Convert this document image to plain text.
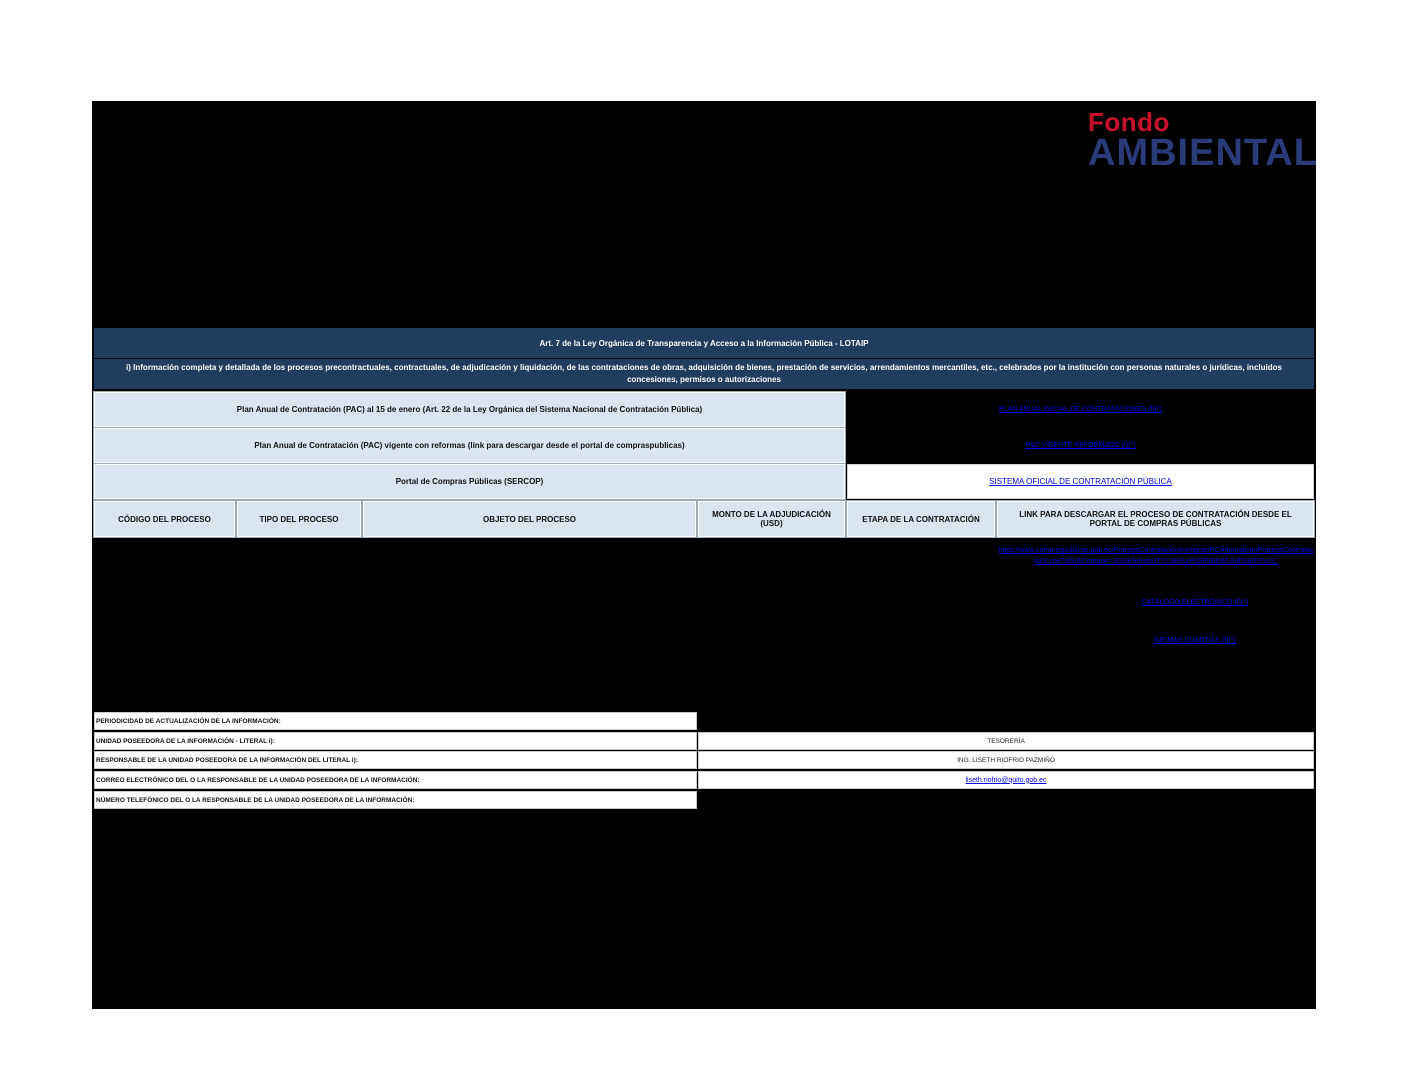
Fondo
AMBIENTAL
Art. 7 de la Ley Orgánica de Transparencia y Acceso a la Información Pública - LOTAIP
i) Información completa y detallada de los procesos precontractuales, contractuales, de adjudicación y liquidación, de las contrataciones de obras, adquisición de bienes, prestación de servicios, arrendamientos mercantiles, etc., celebrados por la institución con personas naturales o jurídicas, incluidos concesiones, permisos o autorizaciones
Plan Anual de Contratación (PAC) al 15 de enero (Art. 22 de la Ley Orgánica del Sistema Nacional de Contratación Pública)	PLAN ANUAL INICIAL DE CONTRATACIONES (f)(*)
Plan Anual de Contratación (PAC) vigente con reformas (link para descargar desde el portal de compraspublicas)	PAC VIGENTE REFORMADO (f)(*)
Portal de Compras Públicas (SERCOP)	SISTEMA OFICIAL DE CONTRATACIÓN PÚBLICA
CÓDIGO DEL PROCESO	TIPO DEL PROCESO	OBJETO DEL PROCESO	MONTO DE LA ADJUDICACIÓN (USD)	ETAPA DE LA CONTRATACIÓN	LINK PARA DESCARGAR EL PROCESO DE CONTRATACIÓN DESDE EL PORTAL DE COMPRAS PÚBLICAS
https://www.compraspublicas.gob.ec/ProcesoContratacion/compras/PC/informacionProcesoContratacion2.cpe?idSoliCompra=-3G0iKfe6wbUTYCgRdurPgSFIIRbWLAdDnatTi7vv1I,
CATÁLOGO ELECTRÓNICO (f)(*)
ÍNFIMAS CUANTÍAS (f)(*)
PERIODICIDAD DE ACTUALIZACIÓN DE LA INFORMACIÓN:
UNIDAD POSEEDORA DE LA INFORMACIÓN - LITERAL i):	TESORERÍA
RESPONSABLE DE LA UNIDAD POSEEDORA DE LA INFORMACIÓN DEL LITERAL i):	ING. LISETH RIOFRIO PAZMIÑO
CORREO ELECTRÓNICO DEL O LA RESPONSABLE DE LA UNIDAD POSEEDORA DE LA INFORMACIÓN:	liseth.riofrio@quito.gob.ec
NÚMERO TELEFÓNICO DEL O LA RESPONSABLE DE LA UNIDAD POSEEDORA DE LA INFORMACIÓN:
